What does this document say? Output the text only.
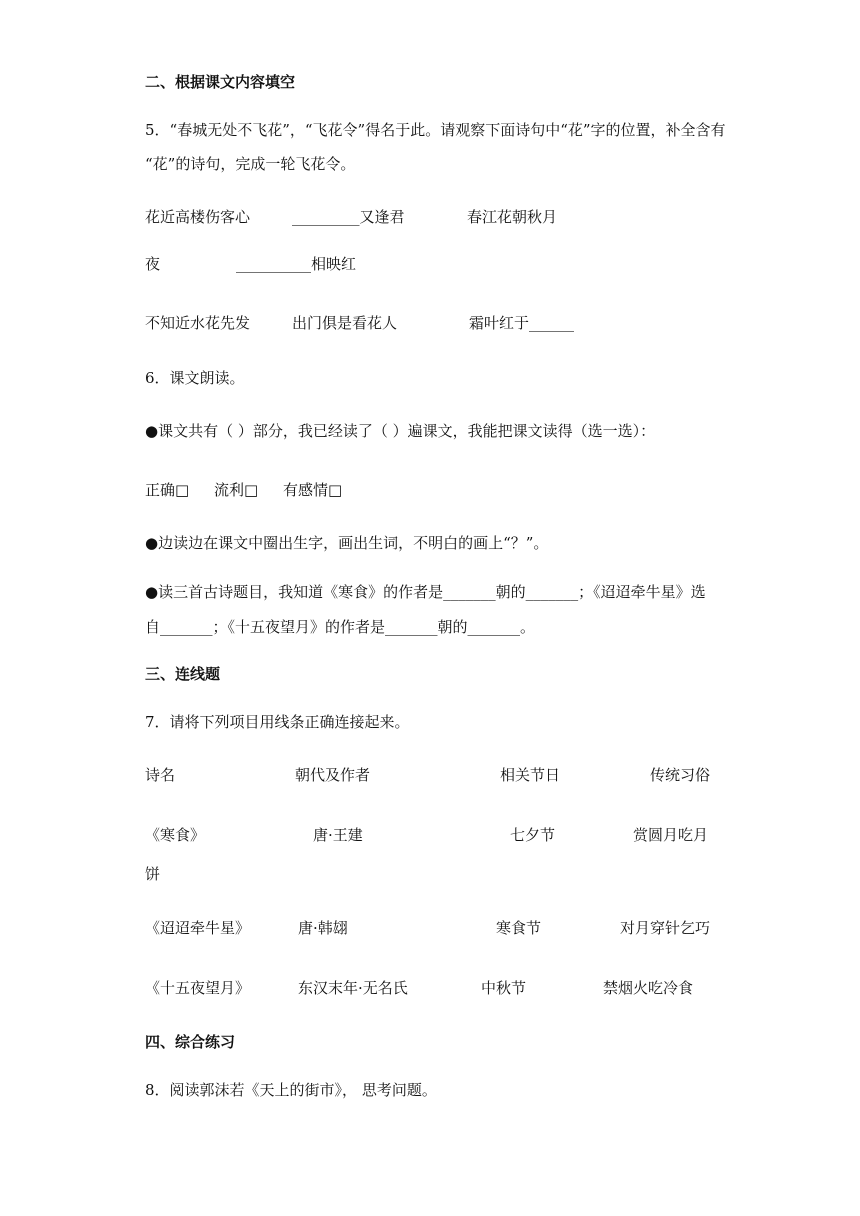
二、根据课文内容填空
5．“春城无处不飞花”，“飞花令”得名于此。请观察下面诗句中“花”字的位置，补全含有
“花”的诗句，完成一轮飞花令。
花近高楼伤客心	_________又逢君	春江花朝秋月
夜	__________相映红
不知近水花先发	出门俱是看花人	霜叶红于______
6．课文朗读。
●课文共有（ ）部分，我已经读了（ ）遍课文，我能把课文读得（选一选）：
正确□ 流利□ 有感情□
●边读边在课文中圈出生字，画出生词，不明白的画上“？”。
●读三首古诗题目，我知道《寒食》的作者是_______朝的_______；《迢迢牵牛星》选
自_______；《十五夜望月》的作者是_______朝的_______。
三、连线题
7．请将下列项目用线条正确连接起来。
诗名	朝代及作者	相关节日	传统习俗
《寒食》	唐·王建	七夕节	赏圆月吃月
饼
《迢迢牵牛星》	唐·韩翃	寒食节	对月穿针乞巧
《十五夜望月》	东汉末年·无名氏	中秋节	禁烟火吃冷食
四、综合练习
8．阅读郭沫若《天上的街市》， 思考问题。
